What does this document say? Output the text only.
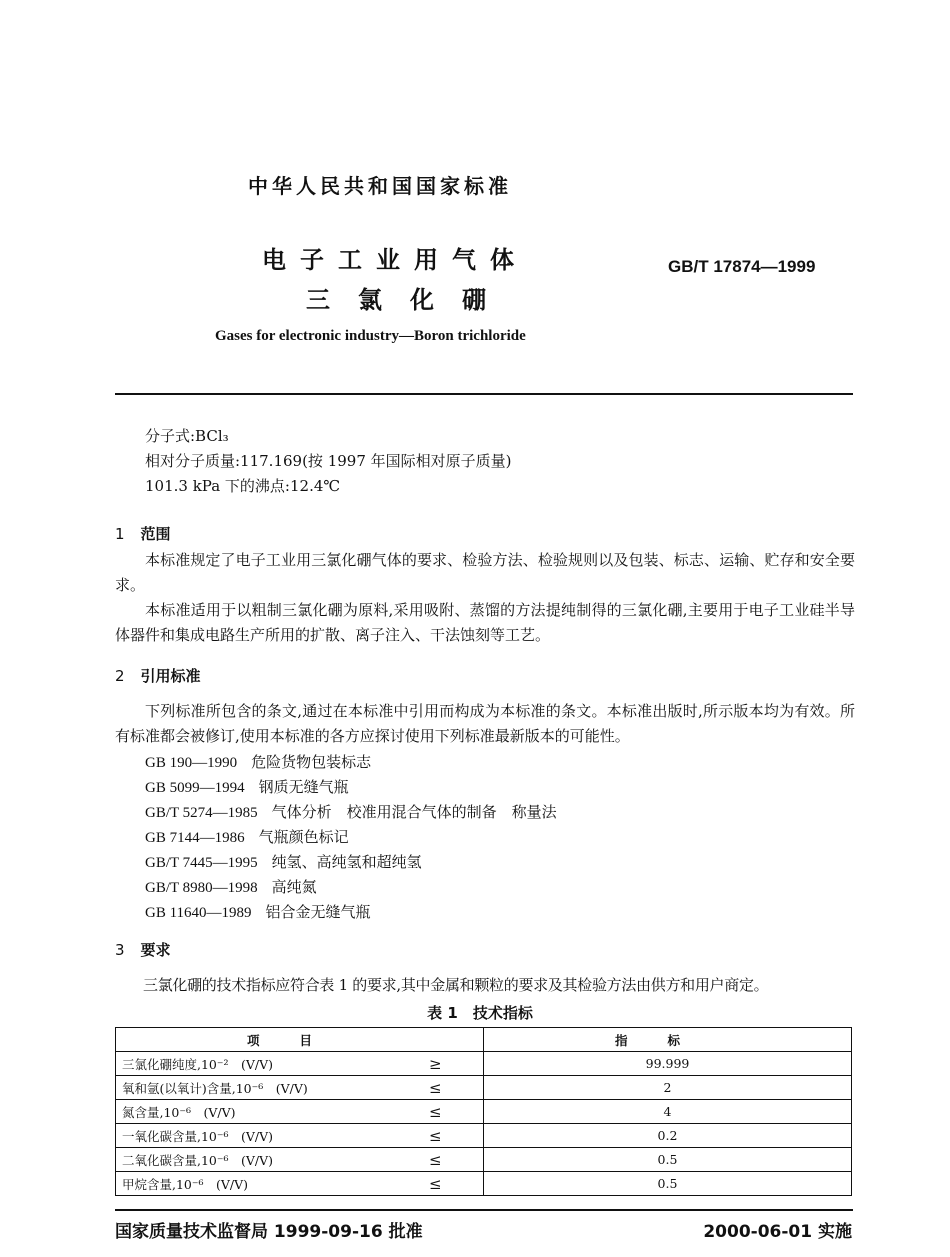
中华人民共和国国家标准
电子工业用气体
三氯化硼
GB/T 17874—1999
Gases for electronic industry—Boron trichloride
分子式:BCl₃
相对分子质量:117.169(按 1997 年国际相对原子质量)
101.3 kPa 下的沸点:12.4℃
1 范围
本标准规定了电子工业用三氯化硼气体的要求、检验方法、检验规则以及包装、标志、运输、贮存和安全要求。
本标准适用于以粗制三氯化硼为原料,采用吸附、蒸馏的方法提纯制得的三氯化硼,主要用于电子工业硅半导体器件和集成电路生产所用的扩散、离子注入、干法蚀刻等工艺。
2 引用标准
下列标准所包含的条文,通过在本标准中引用而构成为本标准的条文。本标准出版时,所示版本均为有效。所有标准都会被修订,使用本标准的各方应探讨使用下列标准最新版本的可能性。
GB 190—1990 危险货物包装标志
GB 5099—1994 钢质无缝气瓶
GB/T 5274—1985 气体分析　校准用混合气体的制备　称量法
GB 7144—1986 气瓶颜色标记
GB/T 7445—1995 纯氢、高纯氢和超纯氢
GB/T 8980—1998 高纯氮
GB 11640—1989 铝合金无缝气瓶
3 要求
三氯化硼的技术指标应符合表 1 的要求,其中金属和颗粒的要求及其检验方法由供方和用户商定。
表 1　技术指标
项目	指标
三氯化硼纯度,10⁻²　(V/V) ≥	99.999
氧和氩(以氧计)含量,10⁻⁶　(V/V) ≤	2
氮含量,10⁻⁶　(V/V) ≤	4
一氧化碳含量,10⁻⁶　(V/V) ≤	0.2
二氧化碳含量,10⁻⁶　(V/V) ≤	0.5
甲烷含量,10⁻⁶　(V/V) ≤	0.5
国家质量技术监督局 1999-09-16 批准	2000-06-01 实施
